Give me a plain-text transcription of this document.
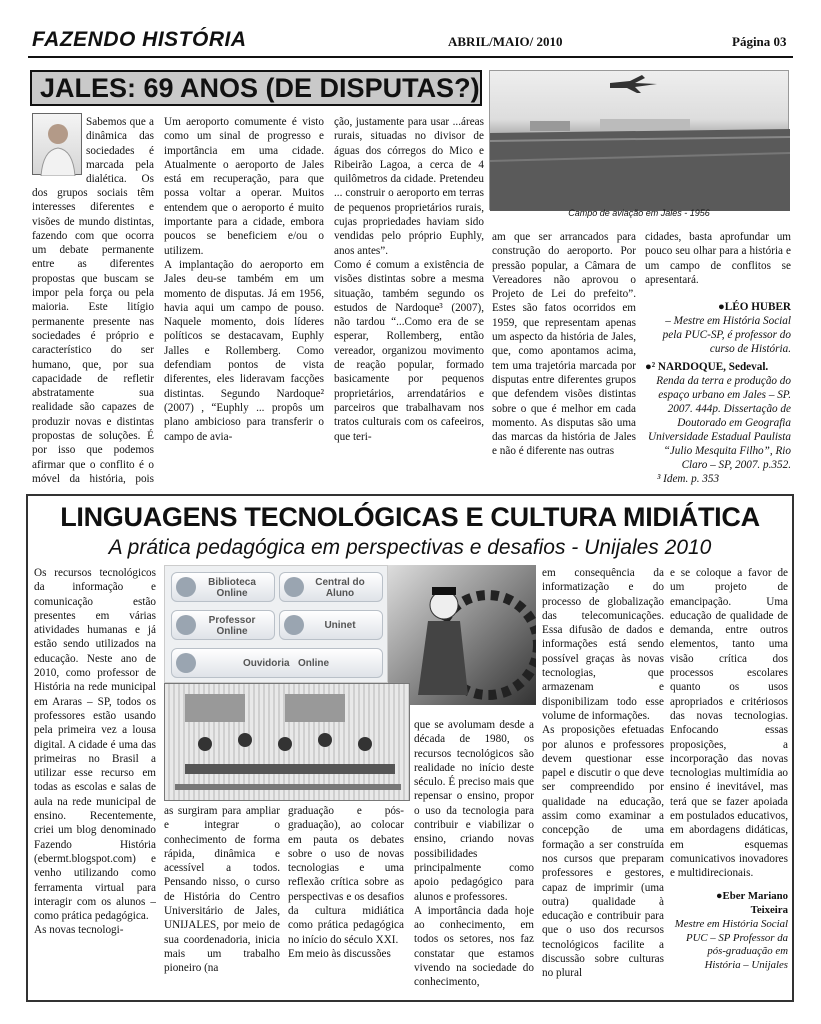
FAZENDO HISTÓRIA	ABRIL/MAIO/ 2010	Página 03
JALES: 69 ANOS (DE DISPUTAS?)
Campo de aviação em Jales - 1956
Sabemos que a dinâmica das sociedades é marcada pela dialética. Os
dos grupos sociais têm interesses diferentes e visões de mundo distintas, fazendo com que ocorra um debate permanente entre as diferentes propostas que buscam se impor pela força ou pela maioria. Este litígio permanente presente nas sociedades é próprio e característico do ser humano, que, por sua capacidade de refletir abstratamente sua realidade são capazes de produzir novas e distintas propostas de soluções. É por isso que podemos afirmar que o conflito é o móvel da história, pois
Um aeroporto comumente é visto como um sinal de progresso e importância em uma cidade. Atualmente o aeroporto de Jales está em recuperação, para que possa voltar a operar. Muitos entendem que o aeroporto é muito importante para a cidade, embora poucos se beneficiem e/ou o utilizem.
A implantação do aeroporto em Jales deu-se também em um momento de disputas. Já em 1956, havia aqui um campo de pouso. Naquele momento, dois líderes políticos se destacavam, Euphly Jalles e Rollemberg. Como defendiam pontos de vista diferentes, eles lideravam facções distintas. Segundo Nardoque² (2007) , “Euphly ... propôs um plano ambicioso para transferir o campo de avia-
ção, justamente para usar ...áreas rurais, situadas no divisor de águas dos córregos do Mico e Ribeirão Lagoa, a cerca de 4 quilômetros da cidade. Pretendeu ... construir o aeroporto em terras de pequenos proprietários rurais, cujas propriedades haviam sido vendidas pelo próprio Euphly, anos antes”.
Como é comum a existência de visões distintas sobre a mesma situação, também segundo os estudos de Nardoque³ (2007), não tardou “...Como era de se esperar, Rollemberg, então vereador, organizou movimento de reação popular, formado basicamente por pequenos proprietários, arrendatários e parceiros que trabalhavam nos tratos culturais com os cafeeiros, que teri-
am que ser arrancados para construção do aeroporto. Por pressão popular, a Câmara de Vereadores não aprovou o Projeto de Lei do prefeito”. Estes são fatos ocorridos em 1959, que representam apenas um aspecto da história de Jales, que, como apontamos acima, tem uma trajetória marcada por disputas entre diferentes grupos que defendem visões distintas sobre o que é melhor em cada momento. As disputas são uma das marcas da história de Jales e não é diferente nas outras
cidades, basta aprofundar um pouco seu olhar para a história e um campo de conflitos se apresentará.
●LÉO HUBER
– Mestre em História Social pela PUC-SP, é professor do curso de História.
●² NARDOQUE, Sedeval.
Renda da terra e produção do espaço urbano em Jales – SP. 2007. 444p. Dissertação de Doutorado em Geografia Universidade Estadual Paulista “Julio Mesquita Filho”, Rio Claro – SP, 2007. p.352.
³ Idem. p. 353
LINGUAGENS TECNOLÓGICAS E CULTURA MIDIÁTICA
A prática pedagógica em perspectivas e desafios - Unijales 2010
Biblioteca
Online
Central do
Aluno
Professor
Online
Uninet
Ouvidoria   Online
Os recursos tecnológicos da informação e comunicação estão presentes em várias atividades humanas e já estão sendo utilizados na educação. Neste ano de 2010, como professor de História na rede municipal em Araras – SP, todos os professores estão usando pela primeira vez a lousa digital. A cidade é uma das primeiras no Brasil a utilizar esse recurso em todas as escolas e salas de aula na rede municipal de ensino. Recentemente, criei um blog denominado Fazendo História (ebermt.blogspot.com) e venho utilizando como ferramenta virtual para interagir com os alunos – como prática pedagógica.
As novas tecnologi-
as surgiram para ampliar e integrar o conhecimento de forma rápida, dinâmica e acessível a todos. Pensando nisso, o curso de História do Centro Universitário de Jales, UNIJALES, por meio de sua coordenadoria, inicia mais um trabalho pioneiro (na
graduação e pós-graduação), ao colocar em pauta os debates sobre o uso de novas tecnologias e uma reflexão crítica sobre as perspectivas e os desafios da cultura midiática como prática pedagógica no início do século XXI.
Em meio às discussões
que se avolumam desde a década de 1980, os recursos tecnológicos são realidade no início deste século. É preciso mais que repensar o ensino, propor o uso da tecnologia para contribuir e viabilizar o ensino, criando novas possibilidades principalmente como apoio pedagógico para alunos e professores.
A importância dada hoje ao conhecimento, em todos os setores, nos faz constatar que estamos vivendo na sociedade do conhecimento,
em consequência da informatização e do processo de globalização das telecomunicações. Essa difusão de dados e informações está sendo possível graças às novas tecnologias, que armazenam e disponibilizam todo esse volume de informações.
As proposições efetuadas por alunos e professores devem questionar esse papel e discutir o que deve ser compreendido por qualidade na educação, assim como examinar a concepção de uma formação a ser construída nos cursos que preparam professores e gestores, capaz de imprimir (uma outra) qualidade à educação e contribuir para que o uso dos recursos tecnológicos facilite a discussão sobre culturas no plural
e se coloque a favor de um projeto de emancipação. Uma educação de qualidade de demanda, entre outros elementos, tanto uma visão crítica dos processos escolares quanto os usos apropriados e critériosos das novas tecnologias. Enfocando essas proposições, a incorporação das novas tecnologias multimídia ao ensino é inevitável, mas terá que se fazer apoiada em postulados educativos, em abordagens didáticas, em esquemas comunicativos inovadores e multidirecionais.
●Eber Mariano
Teixeira
Mestre em História Social PUC – SP Professor da pós-graduação em História – Unijales
